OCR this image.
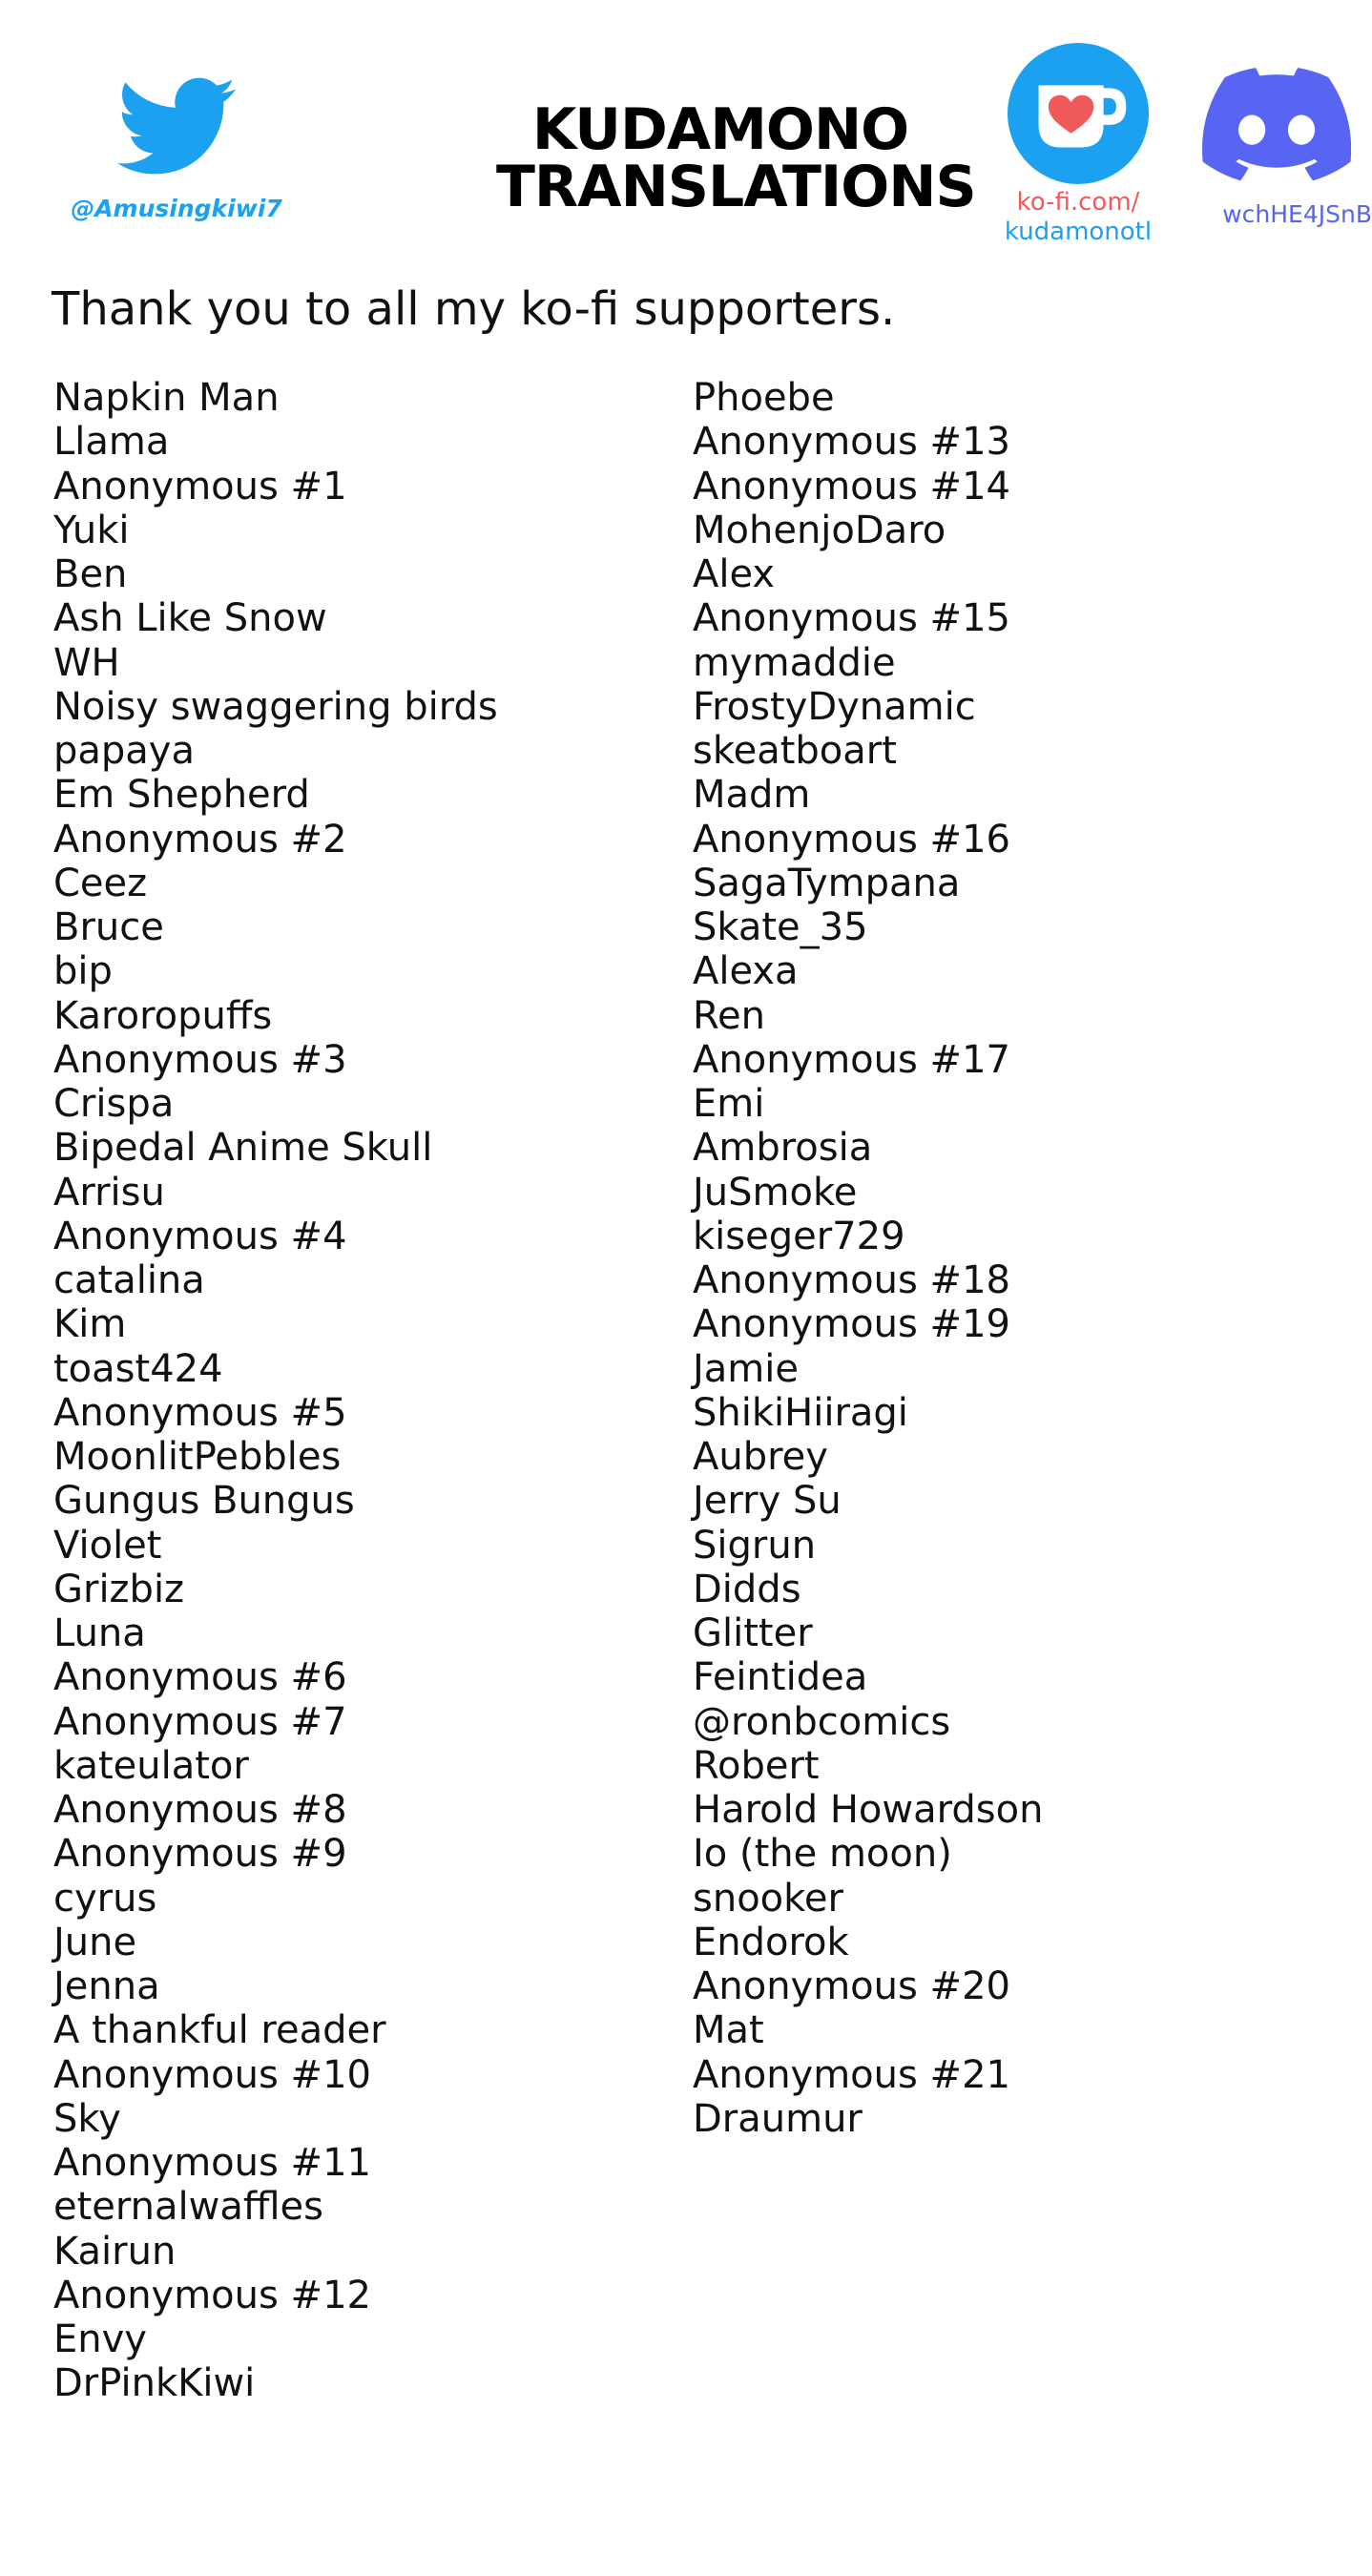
@Amusingkiwi7
KUDAMONO
TRANSLATIONS	ko-fi.com/
kudamonotl
wchHE4JSnB
Thank you to all my ko-fi supporters.
Napkin Man
Llama
Anonymous #1
Yuki
Ben
Ash Like Snow
WH
Noisy swaggering birds
papaya
Em Shepherd
Anonymous #2
Ceez
Bruce
bip
Karoropuffs
Anonymous #3
Crispa
Bipedal Anime Skull
Arrisu
Anonymous #4
catalina
Kim
toast424
Anonymous #5
MoonlitPebbles
Gungus Bungus
Violet
Grizbiz
Luna
Anonymous #6
Anonymous #7
kateulator
Anonymous #8
Anonymous #9
cyrus
June
Jenna
A thankful reader
Anonymous #10
Sky
Anonymous #11
eternalwaffles
Kairun
Anonymous #12
Envy
DrPinkKiwi
Phoebe
Anonymous #13
Anonymous #14
MohenjoDaro
Alex
Anonymous #15
mymaddie
FrostyDynamic
skeatboart
Madm
Anonymous #16
SagaTympana
Skate_35
Alexa
Ren
Anonymous #17
Emi
Ambrosia
JuSmoke
kiseger729
Anonymous #18
Anonymous #19
Jamie
ShikiHiiragi
Aubrey
Jerry Su
Sigrun
Didds
Glitter
Feintidea
@ronbcomics
Robert
Harold Howardson
Io (the moon)
snooker
Endorok
Anonymous #20
Mat
Anonymous #21
Draumur
